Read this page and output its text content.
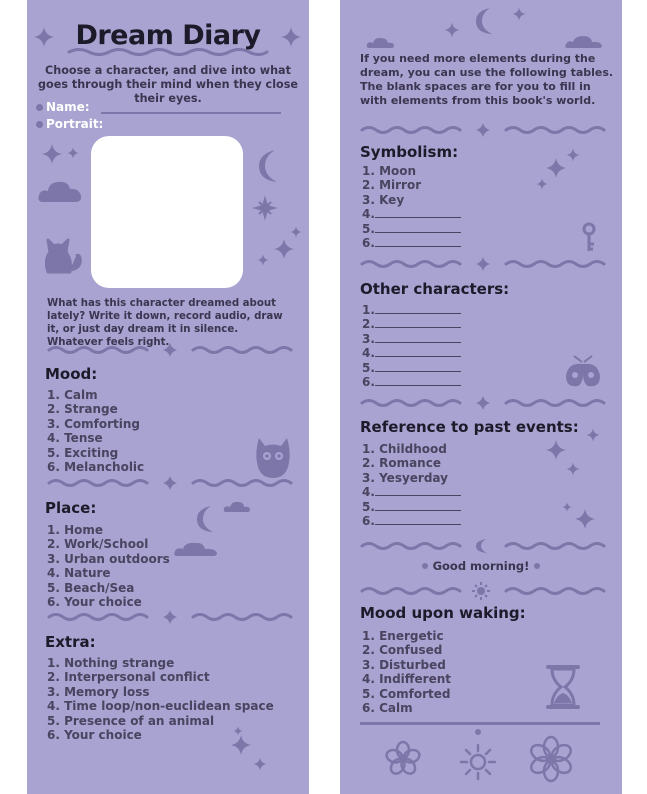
Dream Diary
Choose a character, and dive into what goes through their mind when they close their eyes.
Name:
Portrait:
What has this character dreamed about lately? Write it down, record audio, draw it, or just day dream it in silence. Whatever feels right.
Mood:
1. Calm
2. Strange
3. Comforting
4. Tense
5. Exciting
6. Melancholic
Place:
1. Home
2. Work/School
3. Urban outdoors
4. Nature
5. Beach/Sea
6. Your choice
Extra:
1. Nothing strange
2. Interpersonal conflict
3. Memory loss
4. Time loop/non-euclidean space
5. Presence of an animal
6. Your choice
If you need more elements during the dream, you can use the following tables.
The blank spaces are for you to fill in with elements from this book's world.
Symbolism:
1. Moon
2. Mirror
3. Key
4.
5.
6.
Other characters:
1.
2.
3.
4.
5.
6.
Reference to past events:
1. Childhood
2. Romance
3. Yesyerday
4.
5.
6.
Good morning!
Mood upon waking:
1. Energetic
2. Confused
3. Disturbed
4. Indifferent
5. Comforted
6. Calm
